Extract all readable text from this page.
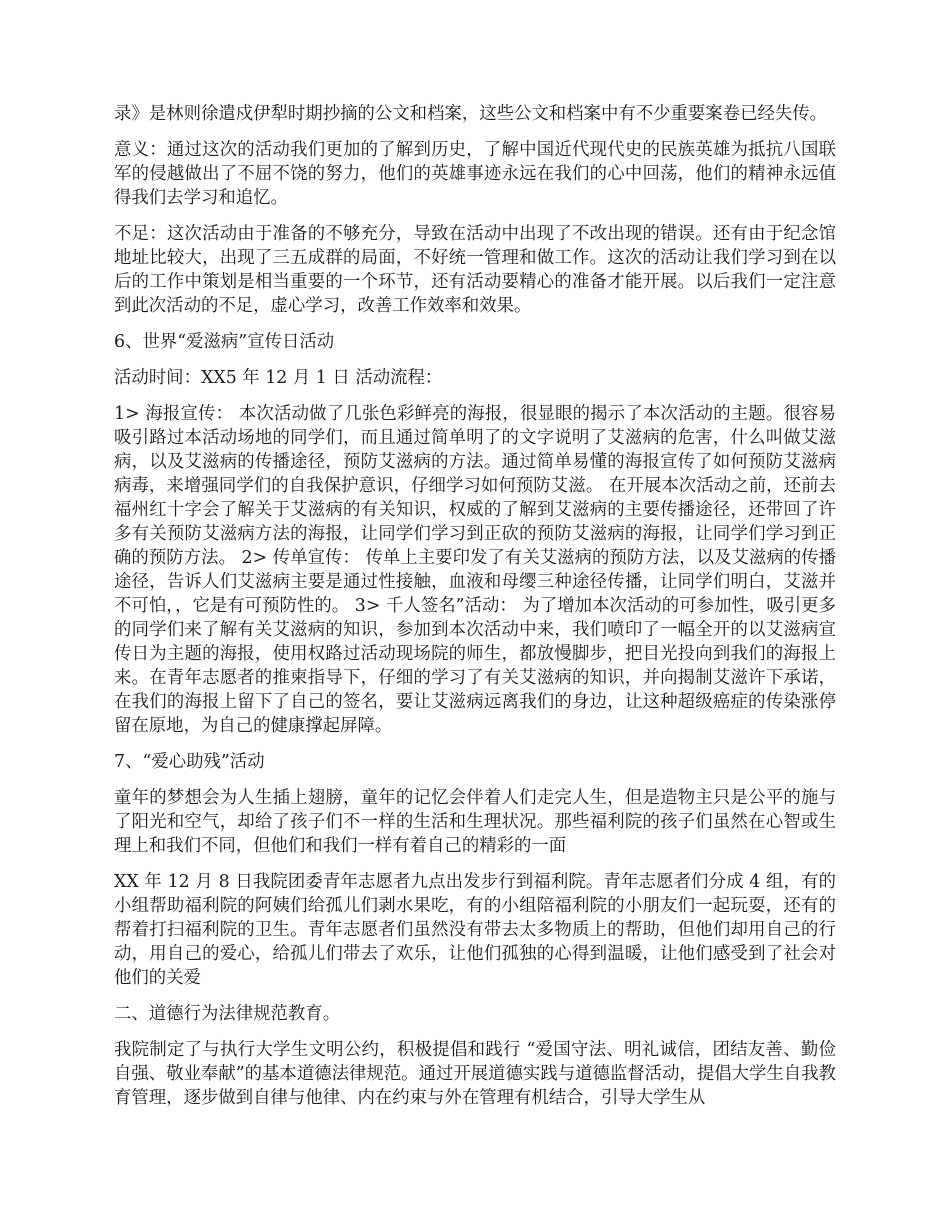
录》是林则徐遣戍伊犁时期抄摘的公文和档案，这些公文和档案中有不少重要案卷已经失传。

意义：通过这次的活动我们更加的了解到历史，了解中国近代现代史的民族英雄为抵抗八国联军的侵越做出了不屈不饶的努力，他们的英雄事迹永远在我们的心中回荡，他们的精神永远值得我们去学习和追忆。

不足：这次活动由于准备的不够充分，导致在活动中出现了不改出现的错误。还有由于纪念馆地址比较大，出现了三五成群的局面，不好统一管理和做工作。这次的活动让我们学习到在以后的工作中策划是相当重要的一个环节，还有活动要精心的准备才能开展。以后我们一定注意到此次活动的不足，虚心学习，改善工作效率和效果。

6、世界“爱滋病”宣传日活动

活动时间：XX5 年 12 月 1 日 活动流程：

1> 海报宣传： 本次活动做了几张色彩鲜亮的海报，很显眼的揭示了本次活动的主题。很容易吸引路过本活动场地的同学们，而且通过简单明了的文字说明了艾滋病的危害，什么叫做艾滋病，以及艾滋病的传播途径，预防艾滋病的方法。通过简单易懂的海报宣传了如何预防艾滋病病毒，来增强同学们的自我保护意识，仔细学习如何预防艾滋。 在开展本次活动之前，还前去福州红十字会了解关于艾滋病的有关知识，权威的了解到艾滋病的主要传播途径，还带回了许多有关预防艾滋病方法的海报，让同学们学习到正砍的预防艾滋病的海报，让同学们学习到正确的预防方法。 2> 传单宣传： 传单上主要印发了有关艾滋病的预防方法，以及艾滋病的传播途径，告诉人们艾滋病主要是通过性接触，血液和母缨三种途径传播，让同学们明白，艾滋并不可怕，，它是有可预防性的。 3> 千人签名”活动： 为了增加本次活动的可参加性，吸引更多的同学们来了解有关艾滋病的知识，参加到本次活动中来，我们喷印了一幅全开的以艾滋病宣传日为主题的海报，使用权路过活动现场院的师生，都放慢脚步，把目光投向到我们的海报上来。在青年志愿者的推柬指导下，仔细的学习了有关艾滋病的知识，并向揭制艾滋许下承诺，在我们的海报上留下了自己的签名，要让艾滋病远离我们的身边，让这种超级癌症的传染涨停留在原地，为自己的健康撑起屏障。

7、“爱心助残”活动

童年的梦想会为人生插上翅膀，童年的记忆会伴着人们走完人生，但是造物主只是公平的施与了阳光和空气，却给了孩子们不一样的生活和生理状况。那些福利院的孩子们虽然在心智或生理上和我们不同，但他们和我们一样有着自己的精彩的一面

XX 年 12 月 8 日我院团委青年志愿者九点出发步行到福利院。青年志愿者们分成 4 组，有的小组帮助福利院的阿姨们给孤儿们剥水果吃，有的小组陪福利院的小朋友们一起玩耍，还有的帮着打扫福利院的卫生。青年志愿者们虽然没有带去太多物质上的帮助，但他们却用自己的行动，用自己的爱心，给孤儿们带去了欢乐，让他们孤独的心得到温暖，让他们感受到了社会对他们的关爱

二、道德行为法律规范教育。

我院制定了与执行大学生文明公约，积极提倡和践行 “爱国守法、明礼诚信，团结友善、勤俭自强、敬业奉献”的基本道德法律规范。通过开展道德实践与道德监督活动，提倡大学生自我教育管理，逐步做到自律与他律、内在约束与外在管理有机结合，引导大学生从
